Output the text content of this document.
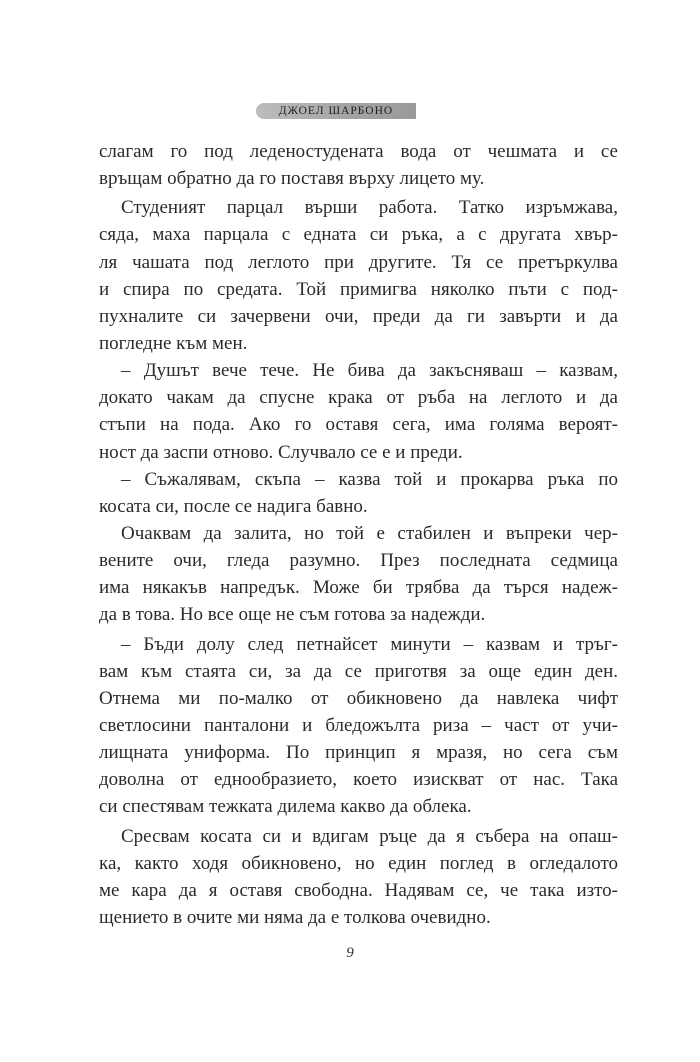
ДЖОЕЛ ШАРБОНО
слагам го под леденостудената вода от чешмата и се
връщам обратно да го поставя върху лицето му.
Студеният парцал върши работа. Татко изръмжава,
сяда, маха парцала с едната си ръка, а с другата хвър-
ля чашата под леглото при другите. Тя се претъркулва
и спира по средата. Той примигва няколко пъти с под-
пухналите си зачервени очи, преди да ги завърти и да
погледне към мен.
– Душът вече тече. Не бива да закъсняваш – казвам,
докато чакам да спусне крака от ръба на леглото и да
стъпи на пода. Ако го оставя сега, има голяма вероят-
ност да заспи отново. Случвало се е и преди.
– Съжалявам, скъпа – казва той и прокарва ръка по
косата си, после се надига бавно.
Очаквам да залита, но той е стабилен и въпреки чер-
вените очи, гледа разумно. През последната седмица
има някакъв напредък. Може би трябва да търся надеж-
да в това. Но все още не съм готова за надежди.
– Бъди долу след петнайсет минути – казвам и тръг-
вам към стаята си, за да се приготвя за още един ден.
Отнема ми по-малко от обикновено да навлека чифт
светлосини панталони и бледожълта риза – част от учи-
лищната униформа. По принцип я мразя, но сега съм
доволна от еднообразието, което изискват от нас. Така
си спестявам тежката дилема какво да облека.
Сресвам косата си и вдигам ръце да я съберa на опаш-
ка, както ходя обикновено, но един поглед в огледалото
ме кара да я оставя свободна. Надявам се, че така изто-
щението в очите ми няма да е толкова очевидно.
9
